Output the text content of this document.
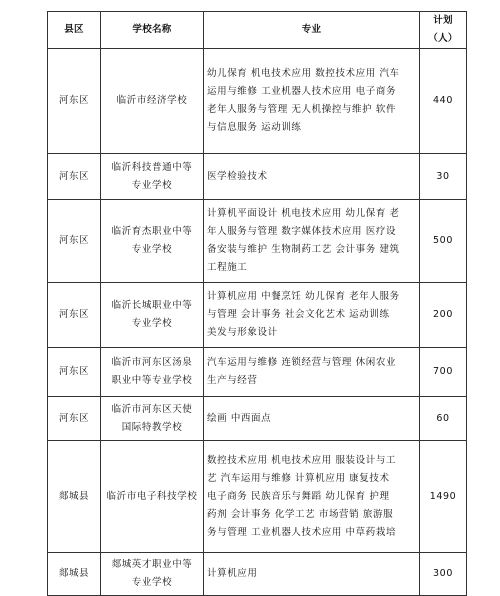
县区	学校名称	专业	计划（人）
河东区	临沂市经济学校	幼儿保育 机电技术应用 数控技术应用 汽车
运用与维修 工业机器人技术应用 电子商务
老年人服务与管理 无人机操控与维护 软件
与信息服务 运动训练	440
河东区	临沂科技普通中等
专业学校	医学检验技术	30
河东区	临沂育杰职业中等
专业学校	计算机平面设计 机电技术应用 幼儿保育 老
年人服务与管理 数字媒体技术应用 医疗设
备安装与维护 生物制药工艺 会计事务 建筑
工程施工	500
河东区	临沂长城职业中等
专业学校	计算机应用 中餐烹饪 幼儿保育 老年人服务
与管理 会计事务 社会文化艺术 运动训练
美发与形象设计	200
河东区	临沂市河东区汤泉
职业中等专业学校	汽车运用与维修 连锁经营与管理 休闲农业
生产与经营	700
河东区	临沂市河东区天使
国际特教学校	绘画 中西面点	60
郯城县	临沂市电子科技学校	数控技术应用 机电技术应用 服装设计与工
艺 汽车运用与维修 计算机应用 康复技术
电子商务 民族音乐与舞蹈 幼儿保育 护理
药剂 会计事务 化学工艺 市场营销 旅游服
务与管理 工业机器人技术应用 中草药栽培	1490
郯城县	郯城英才职业中等
专业学校	计算机应用	300
